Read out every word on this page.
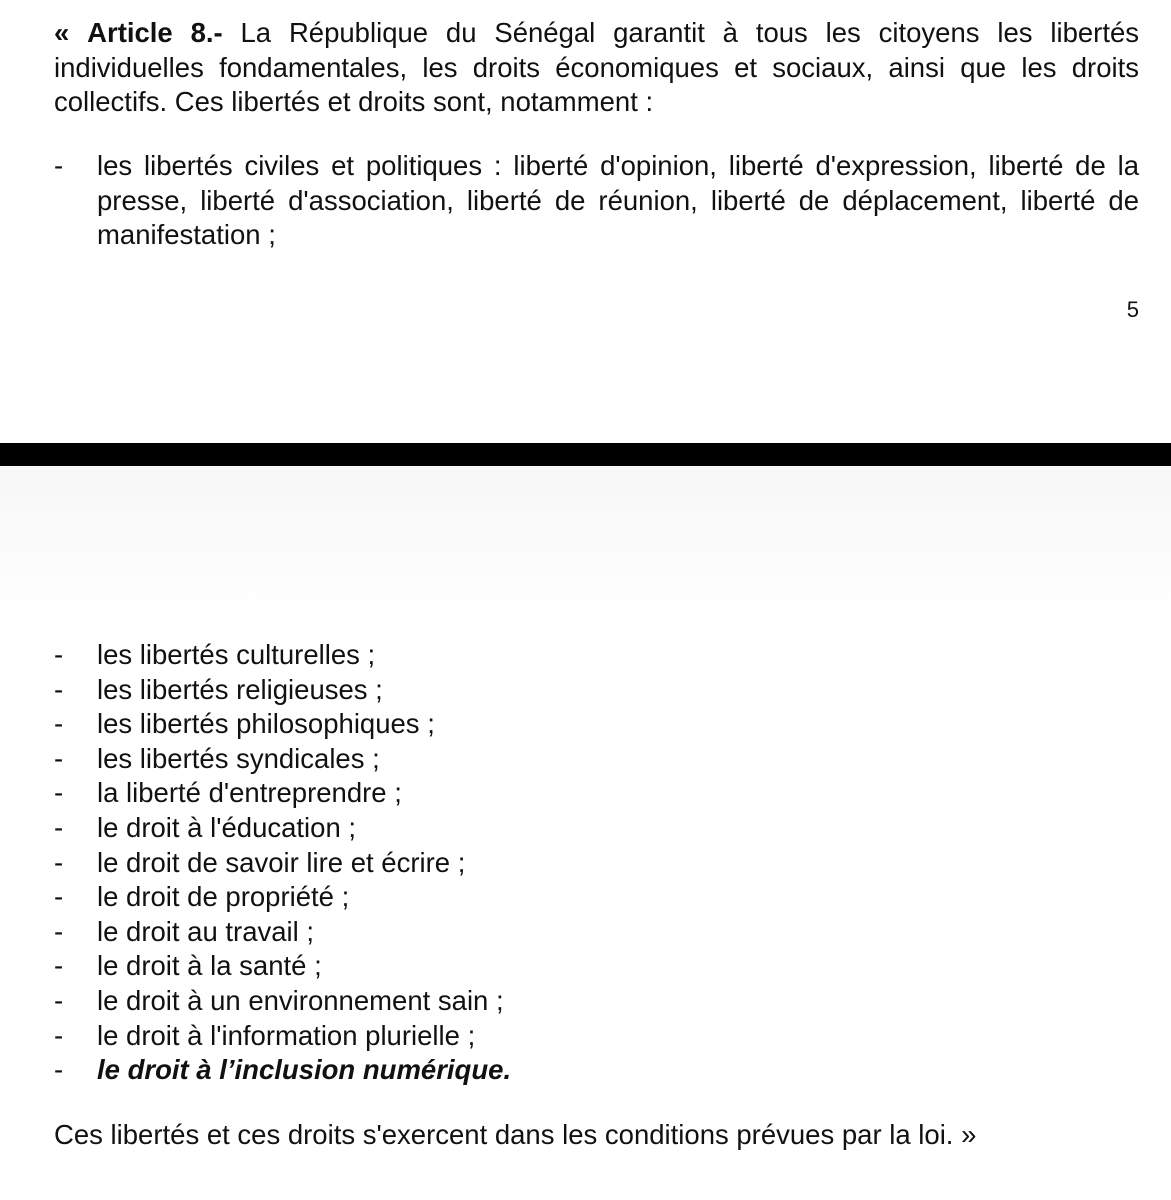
« Article 8.- La République du Sénégal garantit à tous les citoyens les libertés individuelles fondamentales, les droits économiques et sociaux, ainsi que les droits collectifs. Ces libertés et droits sont, notamment :

-	les libertés civiles et politiques : liberté d'opinion, liberté d'expression, liberté de la presse, liberté d'association, liberté de réunion, liberté de déplacement, liberté de manifestation ;
5
-	les libertés culturelles ;
-	les libertés religieuses ;
-	les libertés philosophiques ;
-	les libertés syndicales ;
-	la liberté d'entreprendre ;
-	le droit à l'éducation ;
-	le droit de savoir lire et écrire ;
-	le droit de propriété ;
-	le droit au travail ;
-	le droit à la santé ;
-	le droit à un environnement sain ;
-	le droit à l'information plurielle ;
-	le droit à l’inclusion numérique.

Ces libertés et ces droits s'exercent dans les conditions prévues par la loi. »
